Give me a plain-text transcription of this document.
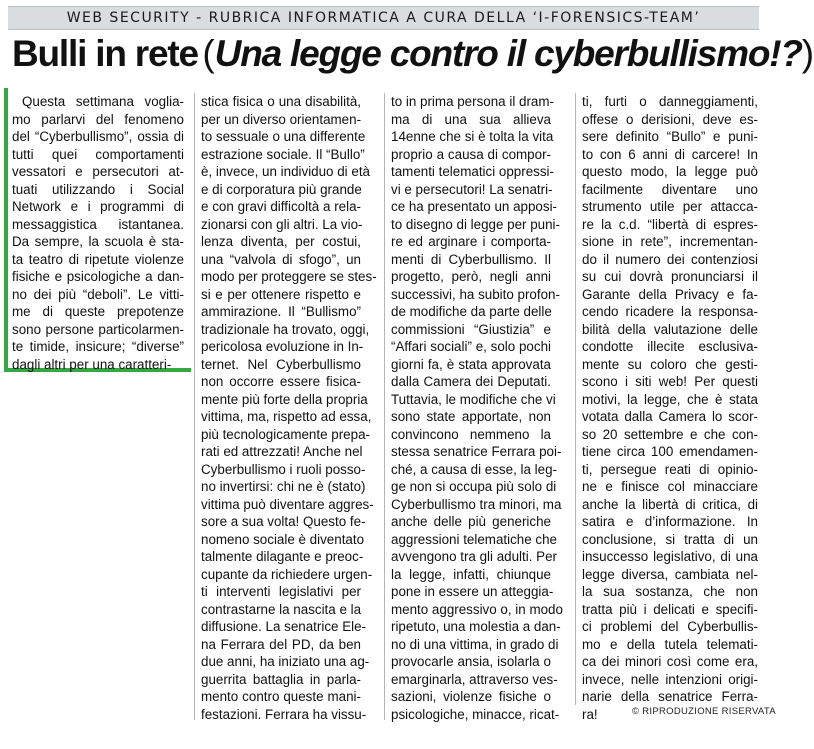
WEB SECURITY - RUBRICA INFORMATICA A CURA DELLA ‘I-FORENSICS-TEAM’
Bulli in rete (Una legge contro il cyberbullismo!?)
Questa settimana voglia-
mo parlarvi del fenomeno
del “Cyberbullismo”, ossia di
tutti quei comportamenti
vessatori e persecutori at-
tuati utilizzando i Social
Network e i programmi di
messaggistica istantanea.
Da sempre, la scuola è sta-
ta teatro di ripetute violenze
fisiche e psicologiche a dan-
no dei più “deboli”. Le vitti-
me di queste prepotenze
sono persone particolarmen-
te timide, insicure; “diverse”
dagli altri per una caratteri-
stica fisica o una disabilità,
per un diverso orientamen-
to sessuale o una differente
estrazione sociale. Il “Bullo”
è, invece, un individuo di età
e di corporatura più grande
e con gravi difficoltà a rela-
zionarsi con gli altri. La vio-
lenza diventa, per costui,
una “valvola di sfogo”, un
modo per proteggere se stes-
si e per ottenere rispetto e
ammirazione. Il “Bullismo”
tradizionale ha trovato, oggi,
pericolosa evoluzione in In-
ternet. Nel Cyberbullismo
non occorre essere fisica-
mente più forte della propria
vittima, ma, rispetto ad essa,
più tecnologicamente prepa-
rati ed attrezzati! Anche nel
Cyberbullismo i ruoli posso-
no invertirsi: chi ne è (stato)
vittima può diventare aggres-
sore a sua volta! Questo fe-
nomeno sociale è diventato
talmente dilagante e preoc-
cupante da richiedere urgen-
ti interventi legislativi per
contrastarne la nascita e la
diffusione. La senatrice Ele-
na Ferrara del PD, da ben
due anni, ha iniziato una ag-
guerrita battaglia in parla-
mento contro queste mani-
festazioni. Ferrara ha vissu-
to in prima persona il dram-
ma di una sua allieva
14enne che si è tolta la vita
proprio a causa di compor-
tamenti telematici oppressi-
vi e persecutori! La senatri-
ce ha presentato un apposi-
to disegno di legge per puni-
re ed arginare i comporta-
menti di Cyberbullismo. Il
progetto, però, negli anni
successivi, ha subito profon-
de modifiche da parte delle
commissioni “Giustizia” e
“Affari sociali” e, solo pochi
giorni fa, è stata approvata
dalla Camera dei Deputati.
Tuttavia, le modifiche che vi
sono state apportate, non
convincono nemmeno la
stessa senatrice Ferrara poi-
ché, a causa di esse, la leg-
ge non si occupa più solo di
Cyberbullismo tra minori, ma
anche delle più generiche
aggressioni telematiche che
avvengono tra gli adulti. Per
la legge, infatti, chiunque
pone in essere un atteggia-
mento aggressivo o, in modo
ripetuto, una molestia a dan-
no di una vittima, in grado di
provocarle ansia, isolarla o
emarginarla, attraverso ves-
sazioni, violenze fisiche o
psicologiche, minacce, ricat-
ti, furti o danneggiamenti,
offese o derisioni, deve es-
sere definito “Bullo” e puni-
to con 6 anni di carcere! In
questo modo, la legge può
facilmente diventare uno
strumento utile per attacca-
re la c.d. “libertà di espres-
sione in rete”, incrementan-
do il numero dei contenziosi
su cui dovrà pronunciarsi il
Garante della Privacy e fa-
cendo ricadere la responsa-
bilità della valutazione delle
condotte illecite esclusiva-
mente su coloro che gesti-
scono i siti web! Per questi
motivi, la legge, che è stata
votata dalla Camera lo scor-
so 20 settembre e che con-
tiene circa 100 emendamen-
ti, persegue reati di opinio-
ne e finisce col minacciare
anche la libertà di critica, di
satira e d’informazione. In
conclusione, si tratta di un
insuccesso legislativo, di una
legge diversa, cambiata nel-
la sua sostanza, che non
tratta più i delicati e specifi-
ci problemi del Cyberbullis-
mo e della tutela telemati-
ca dei minori così come era,
invece, nelle intenzioni origi-
narie della senatrice Ferra-
ra!	© RIPRODUZIONE RISERVATA
